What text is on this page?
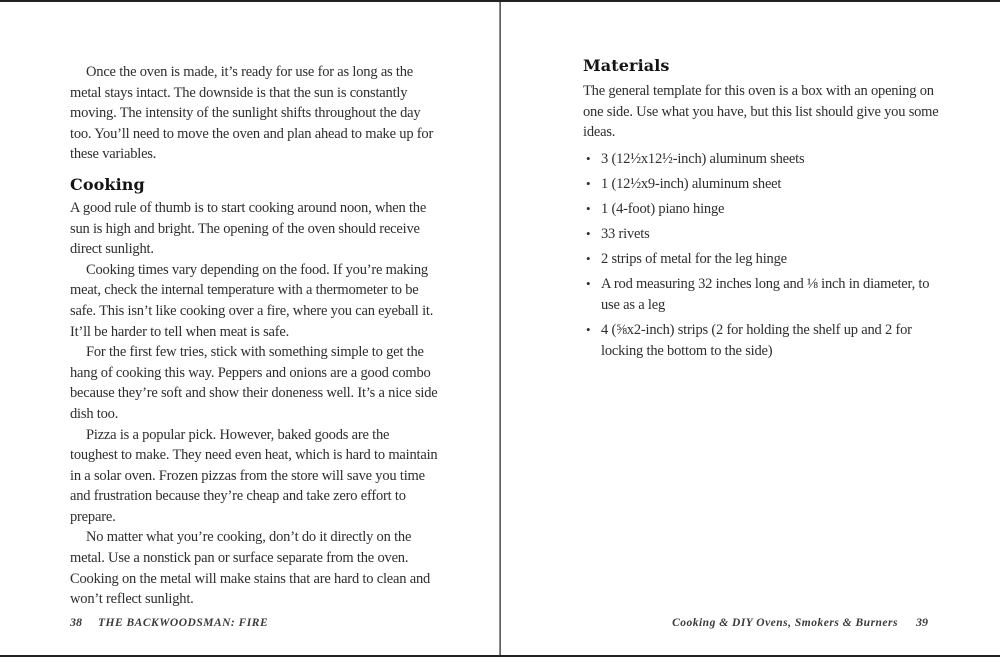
Once the oven is made, it’s ready for use for as long as the metal stays intact. The downside is that the sun is constantly moving. The intensity of the sunlight shifts throughout the day too. You’ll need to move the oven and plan ahead to make up for these variables.

Cooking

A good rule of thumb is to start cooking around noon, when the sun is high and bright. The opening of the oven should receive direct sunlight.

Cooking times vary depending on the food. If you’re making meat, check the internal temperature with a thermometer to be safe. This isn’t like cooking over a fire, where you can eyeball it. It’ll be harder to tell when meat is safe.

For the first few tries, stick with something simple to get the hang of cooking this way. Peppers and onions are a good combo because they’re soft and show their doneness well. It’s a nice side dish too.

Pizza is a popular pick. However, baked goods are the toughest to make. They need even heat, which is hard to maintain in a solar oven. Frozen pizzas from the store will save you time and frustration because they’re cheap and take zero effort to prepare.

No matter what you’re cooking, don’t do it directly on the metal. Use a nonstick pan or surface separate from the oven. Cooking on the metal will make stains that are hard to clean and won’t reflect sunlight.

38 THE BACKWOODSMAN: FIRE
Materials

The general template for this oven is a box with an opening on one side. Use what you have, but this list should give you some ideas.

• 3 (12½x12½-inch) aluminum sheets
• 1 (12½x9-inch) aluminum sheet
• 1 (4-foot) piano hinge
• 33 rivets
• 2 strips of metal for the leg hinge
• A rod measuring 32 inches long and ⅛ inch in diameter, to use as a leg
• 4 (⅝x2-inch) strips (2 for holding the shelf up and 2 for locking the bottom to the side)
Cooking & DIY Ovens, Smokers & Burners 39
